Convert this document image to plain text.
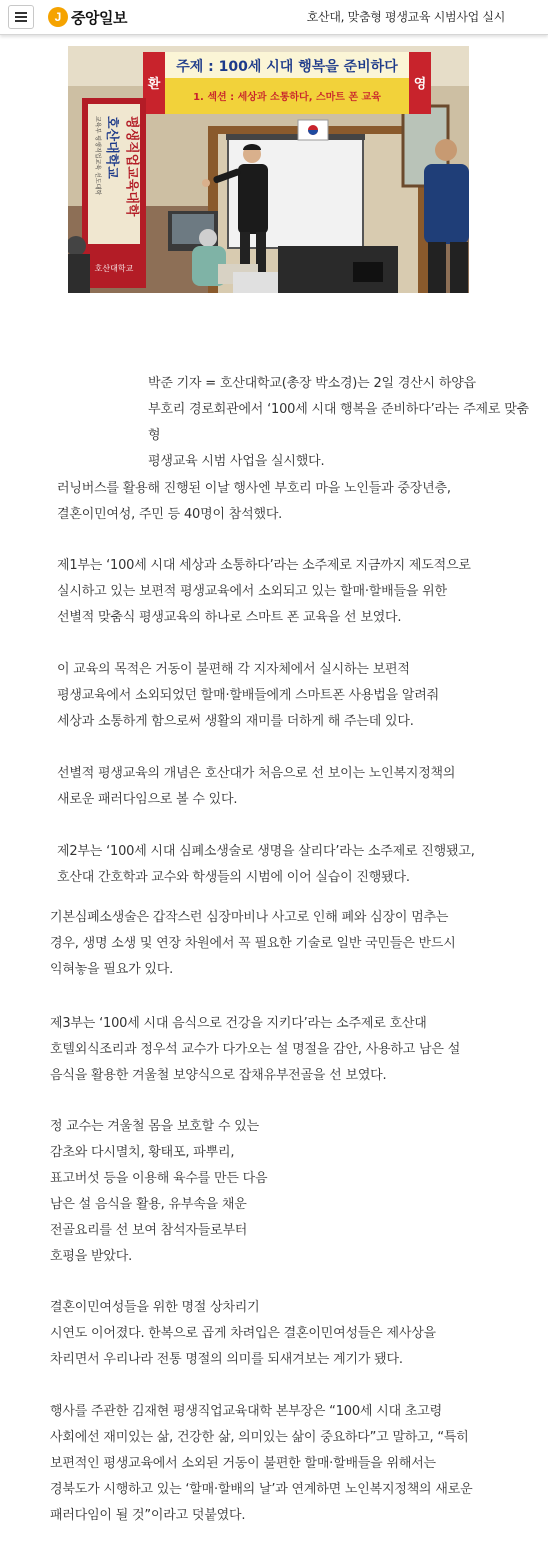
J 중앙일보	호산대, 맞춤형 평생교육 시범사업 실시
주제 : 100세 시대 행복을 준비하다
1. 섹션 : 세상과 소통하다, 스마트 폰 교육
환	영
평생직업교육대학
호산대학교
교육부 평생직업교육 선도대학
호산대학교

박준 기자 = 호산대학교(총장 박소경)는 2일 경산시 하양읍
부호리 경로회관에서 ‘100세 시대 행복을 준비하다’라는 주제로 맞춤형
평생교육 시범 사업을 실시했다.

러닝버스를 활용해 진행된 이날 행사엔 부호리 마을 노인들과 중장년층,
결혼이민여성, 주민 등 40명이 참석했다.

제1부는 ‘100세 시대 세상과 소통하다’라는 소주제로 지금까지 제도적으로
실시하고 있는 보편적 평생교육에서 소외되고 있는 할매·할배들을 위한
선별적 맞춤식 평생교육의 하나로 스마트 폰 교육을 선 보였다.

이 교육의 목적은 거동이 불편해 각 지자체에서 실시하는 보편적
평생교육에서 소외되었던 할매·할배들에게 스마트폰 사용법을 알려줘
세상과 소통하게 함으로써 생활의 재미를 더하게 해 주는데 있다.

선별적 평생교육의 개념은 호산대가 처음으로 선 보이는 노인복지정책의
새로운 패러다임으로 볼 수 있다.

제2부는 ‘100세 시대 심폐소생술로 생명을 살리다’라는 소주제로 진행됐고,
호산대 간호학과 교수와 학생들의 시범에 이어 실습이 진행됐다.

기본심폐소생술은 갑작스런 심장마비나 사고로 인해 폐와 심장이 멈추는
경우, 생명 소생 및 연장 차원에서 꼭 필요한 기술로 일반 국민들은 반드시
익혀놓을 필요가 있다.

제3부는 ‘100세 시대 음식으로 건강을 지키다’라는 소주제로 호산대
호텔외식조리과 정우석 교수가 다가오는 설 명절을 감안, 사용하고 남은 설
음식을 활용한 겨울철 보양식으로 잡채유부전골을 선 보였다.

정 교수는 겨울철 몸을 보호할 수 있는
감초와 다시멸치, 황태포, 파뿌리,
표고버섯 등을 이용해 육수를 만든 다음
남은 설 음식을 활용, 유부속을 채운
전골요리를 선 보여 참석자들로부터
호평을 받았다.

결혼이민여성들을 위한 명절 상차리기
시연도 이어졌다. 한복으로 곱게 차려입은 결혼이민여성들은 제사상을
차리면서 우리나라 전통 명절의 의미를 되새겨보는 계기가 됐다.

행사를 주관한 김재현 평생직업교육대학 본부장은 “100세 시대 초고령
사회에선 재미있는 삶, 건강한 삶, 의미있는 삶이 중요하다”고 말하고, “특히
보편적인 평생교육에서 소외된 거동이 불편한 할매·할배들을 위해서는
경북도가 시행하고 있는 ‘할매·할배의 날’과 연계하면 노인복지정책의 새로운
패러다임이 될 것”이라고 덧붙였다.
